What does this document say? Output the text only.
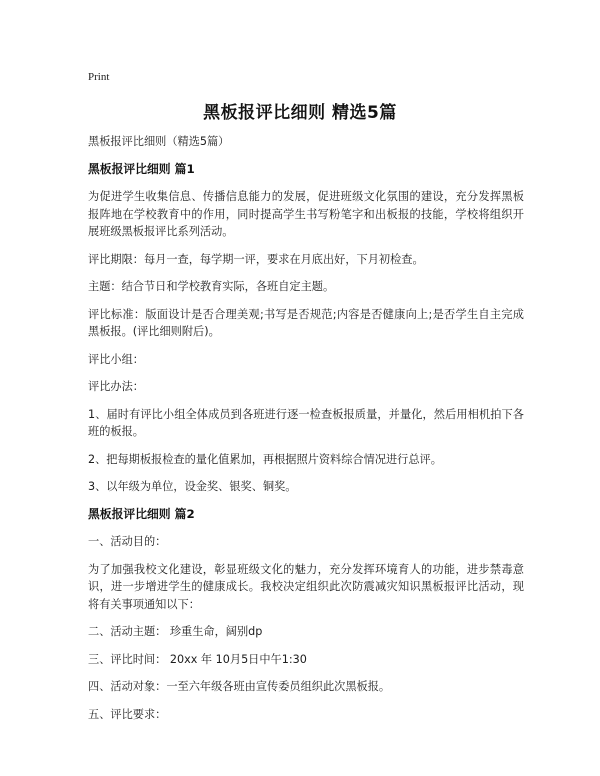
Print
黑板报评比细则 精选5篇

黑板报评比细则（精选5篇）

黑板报评比细则 篇1

为促进学生收集信息、传播信息能力的发展，促进班级文化氛围的建设，充分发挥黑板报阵地在学校教育中的作用，同时提高学生书写粉笔字和出板报的技能，学校将组织开展班级黑板报评比系列活动。

评比期限：每月一查，每学期一评，要求在月底出好，下月初检查。

主题：结合节日和学校教育实际，各班自定主题。

评比标准：版面设计是否合理美观;书写是否规范;内容是否健康向上;是否学生自主完成黑板报。(评比细则附后)。

评比小组：

评比办法：

1、届时有评比小组全体成员到各班进行逐一检查板报质量，并量化，然后用相机拍下各班的板报。

2、把每期板报检查的量化值累加，再根据照片资料综合情况进行总评。

3、以年级为单位，设金奖、银奖、铜奖。

黑板报评比细则 篇2

一、活动目的：

为了加强我校文化建设，彰显班级文化的魅力，充分发挥环境育人的功能，进步禁毒意识，进一步增进学生的健康成长。我校决定组织此次防震减灾知识黑板报评比活动，现将有关事项通知以下：

二、活动主题： 珍重生命，阔别dp

三、评比时间： 20xx 年 10月5日中午1:30

四、活动对象：一至六年级各班由宣传委员组织此次黑板报。

五、评比要求：
